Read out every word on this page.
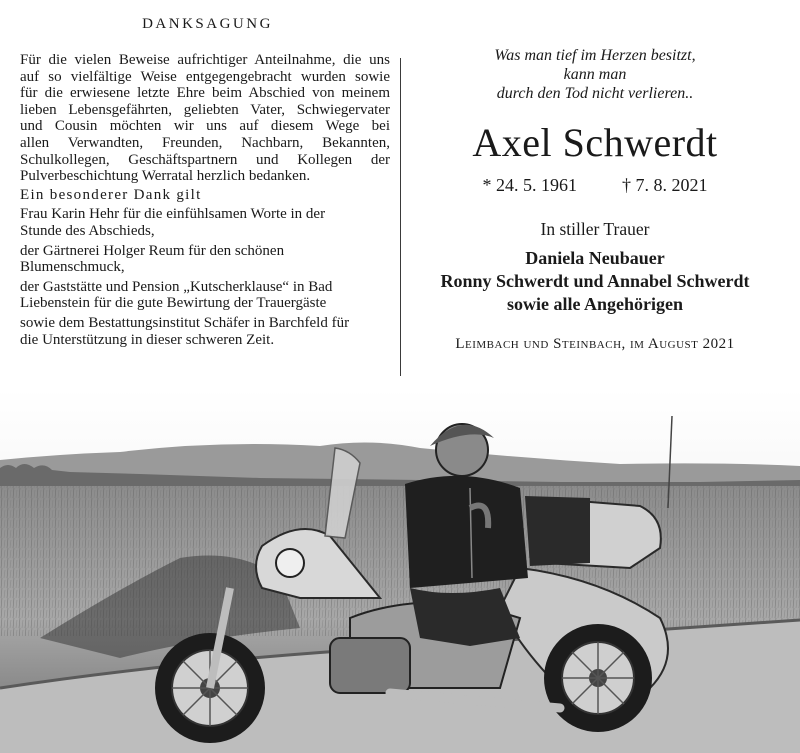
DANKSAGUNG

Für die vielen Beweise aufrichtiger Anteilnahme, die uns

auf so vielfältige Weise entgegengebracht wurden sowie

für die erwiesene letzte Ehre beim Abschied von meinem

lieben Lebensgefährten, geliebten Vater, Schwiegervater

und Cousin möchten wir uns auf diesem Wege bei

allen Verwandten, Freunden, Nachbarn, Bekannten,

Schulkollegen, Geschäftspartnern und Kollegen der

Pulverbeschichtung Werratal herzlich bedanken.

Ein besonderer Dank gilt

Frau Karin Hehr für die einfühlsamen Worte in der

Stunde des Abschieds,

der Gärtnerei Holger Reum für den schönen

Blumenschmuck,

der Gaststätte und Pension „Kutscherklause“ in Bad

Liebenstein für die gute Bewirtung der Trauergäste

sowie dem Bestattungsinstitut Schäfer in Barchfeld für

die Unterstützung in dieser schweren Zeit.

Was man tief im Herzen besitzt,
kann man
durch den Tod nicht verlieren..
Axel Schwerdt
* 24. 5. 1961	† 7. 8. 2021
In stiller Trauer
Daniela Neubauer
Ronny Schwerdt und Annabel Schwerdt
sowie alle Angehörigen
Leimbach und Steinbach, im August 2021
